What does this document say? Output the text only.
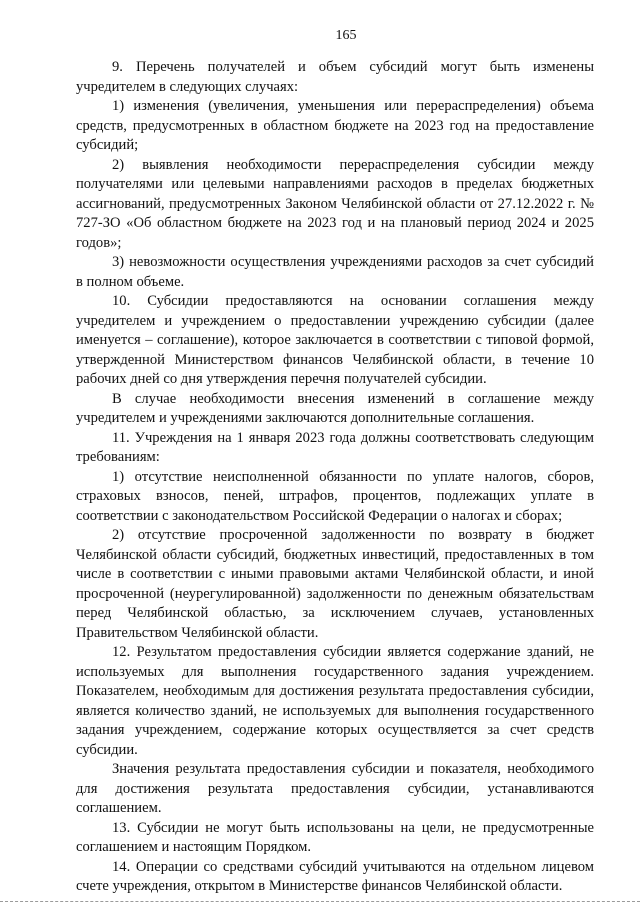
165

9. Перечень получателей и объем субсидий могут быть изменены учредителем в следующих случаях:

1) изменения (увеличения, уменьшения или перераспределения) объема средств, предусмотренных в областном бюджете на 2023 год на предоставление субсидий;

2) выявления необходимости перераспределения субсидии между получателями или целевыми направлениями расходов в пределах бюджетных ассигнований, предусмотренных Законом Челябинской области от 27.12.2022 г. № 727-ЗО «Об областном бюджете на 2023 год и на плановый период 2024 и 2025 годов»;

3) невозможности осуществления учреждениями расходов за счет субсидий в полном объеме.

10. Субсидии предоставляются на основании соглашения между учредителем и учреждением о предоставлении учреждению субсидии (далее именуется – соглашение), которое заключается в соответствии с типовой формой, утвержденной Министерством финансов Челябинской области, в течение 10 рабочих дней со дня утверждения перечня получателей субсидии.

В случае необходимости внесения изменений в соглашение между учредителем и учреждениями заключаются дополнительные соглашения.

11. Учреждения на 1 января 2023 года должны соответствовать следующим требованиям:

1) отсутствие неисполненной обязанности по уплате налогов, сборов, страховых взносов, пеней, штрафов, процентов, подлежащих уплате в соответствии с законодательством Российской Федерации о налогах и сборах;

2) отсутствие просроченной задолженности по возврату в бюджет Челябинской области субсидий, бюджетных инвестиций, предоставленных в том числе в соответствии с иными правовыми актами Челябинской области, и иной просроченной (неурегулированной) задолженности по денежным обязательствам перед Челябинской областью, за исключением случаев, установленных Правительством Челябинской области.

12. Результатом предоставления субсидии является содержание зданий, не используемых для выполнения государственного задания учреждением. Показателем, необходимым для достижения результата предоставления субсидии, является количество зданий, не используемых для выполнения государственного задания учреждением, содержание которых осуществляется за счет средств субсидии.

Значения результата предоставления субсидии и показателя, необходимого для достижения результата предоставления субсидии, устанавливаются соглашением.

13. Субсидии не могут быть использованы на цели, не предусмотренные соглашением и настоящим Порядком.

14. Операции со средствами субсидий учитываются на отдельном лицевом счете учреждения, открытом в Министерстве финансов Челябинской области.
